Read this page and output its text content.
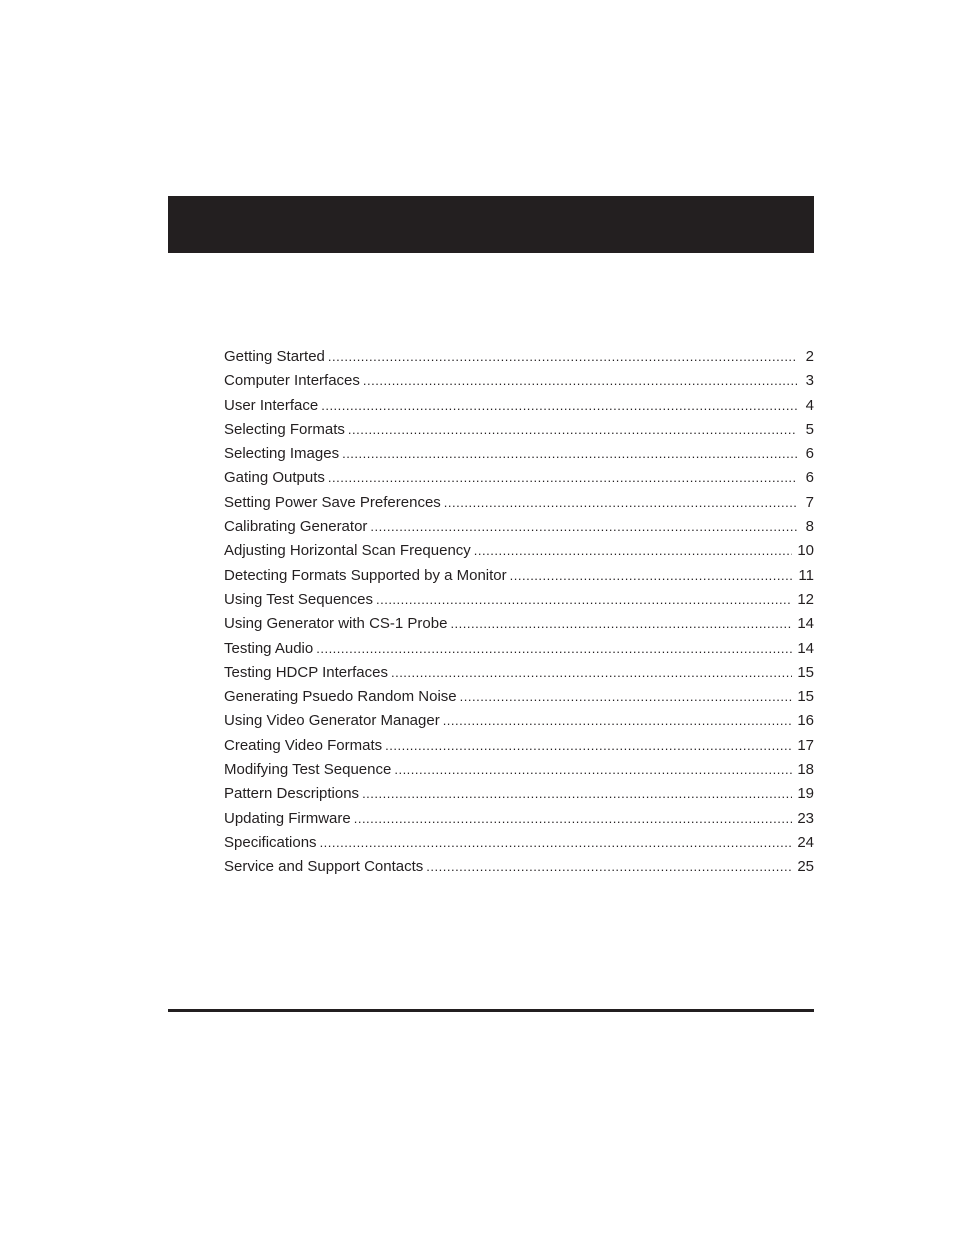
Getting Started .....	2
Computer Interfaces .....	3
User Interface .....	4
Selecting Formats .....	5
Selecting Images .....	6
Gating Outputs .....	6
Setting Power Save Preferences .....	7
Calibrating Generator .....	8
Adjusting Horizontal Scan Frequency .....	10
Detecting Formats Supported by a Monitor .....	11
Using Test Sequences .....	12
Using Generator with CS-1 Probe .....	14
Testing Audio .....	14
Testing HDCP Interfaces .....	15
Generating Psuedo Random Noise .....	15
Using Video Generator Manager .....	16
Creating Video Formats .....	17
Modifying Test Sequence .....	18
Pattern Descriptions .....	19
Updating Firmware .....	23
Specifications .....	24
Service and Support Contacts .....	25
